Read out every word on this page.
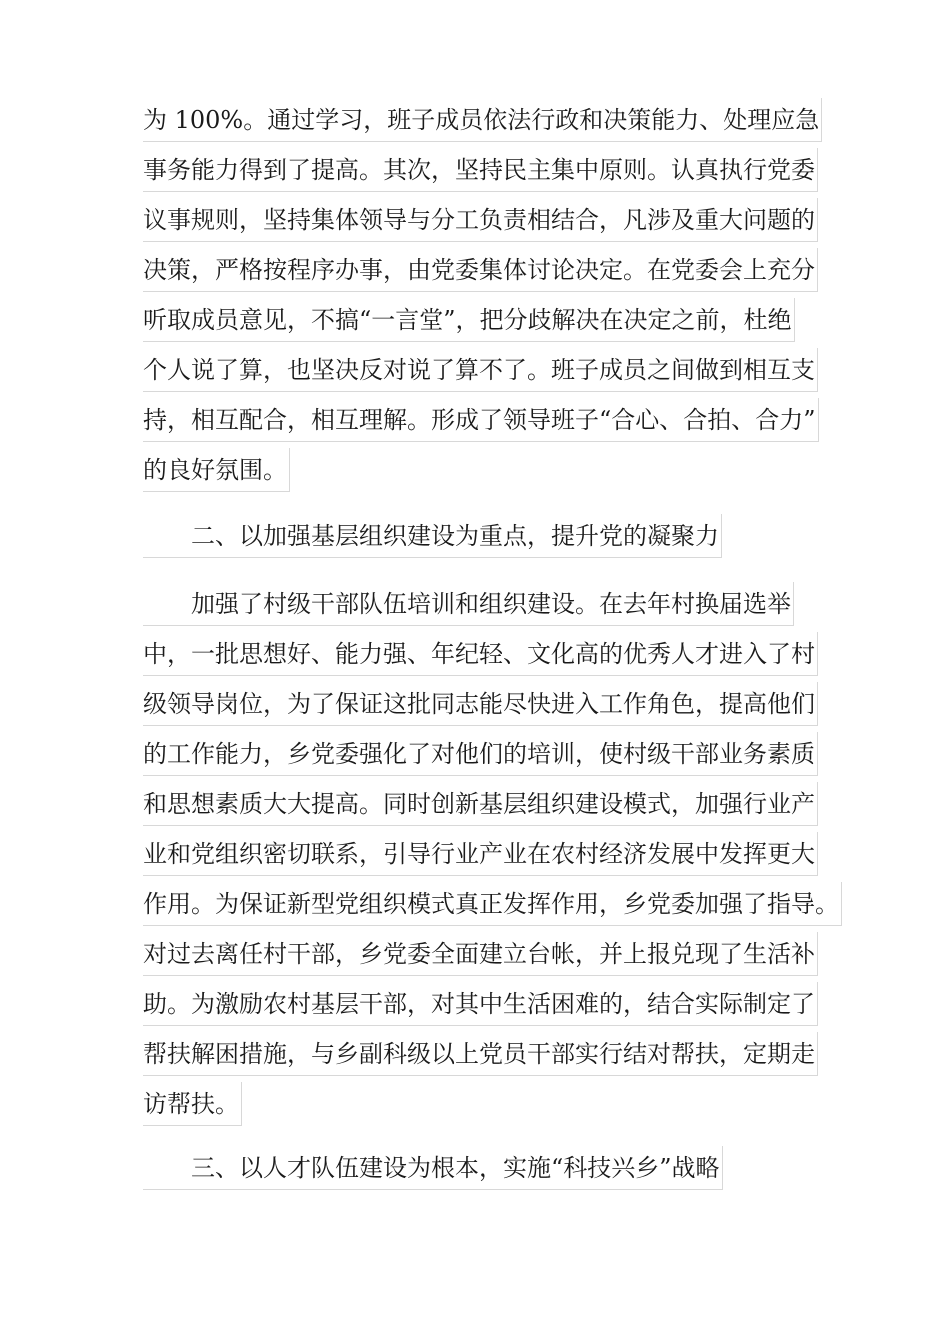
为 100%。通过学习，班子成员依法行政和决策能力、处理应急
事务能力得到了提高。其次，坚持民主集中原则。认真执行党委
议事规则，坚持集体领导与分工负责相结合，凡涉及重大问题的
决策，严格按程序办事，由党委集体讨论决定。在党委会上充分
听取成员意见，不搞“一言堂”，把分歧解决在决定之前，杜绝
个人说了算，也坚决反对说了算不了。班子成员之间做到相互支
持，相互配合，相互理解。形成了领导班子“合心、合拍、合力”
的良好氛围。
二、以加强基层组织建设为重点，提升党的凝聚力
加强了村级干部队伍培训和组织建设。在去年村换届选举
中，一批思想好、能力强、年纪轻、文化高的优秀人才进入了村
级领导岗位，为了保证这批同志能尽快进入工作角色，提高他们
的工作能力，乡党委强化了对他们的培训，使村级干部业务素质
和思想素质大大提高。同时创新基层组织建设模式，加强行业产
业和党组织密切联系，引导行业产业在农村经济发展中发挥更大
作用。为保证新型党组织模式真正发挥作用，乡党委加强了指导。
对过去离任村干部，乡党委全面建立台帐，并上报兑现了生活补
助。为激励农村基层干部，对其中生活困难的，结合实际制定了
帮扶解困措施，与乡副科级以上党员干部实行结对帮扶，定期走
访帮扶。
三、以人才队伍建设为根本，实施“科技兴乡”战略
